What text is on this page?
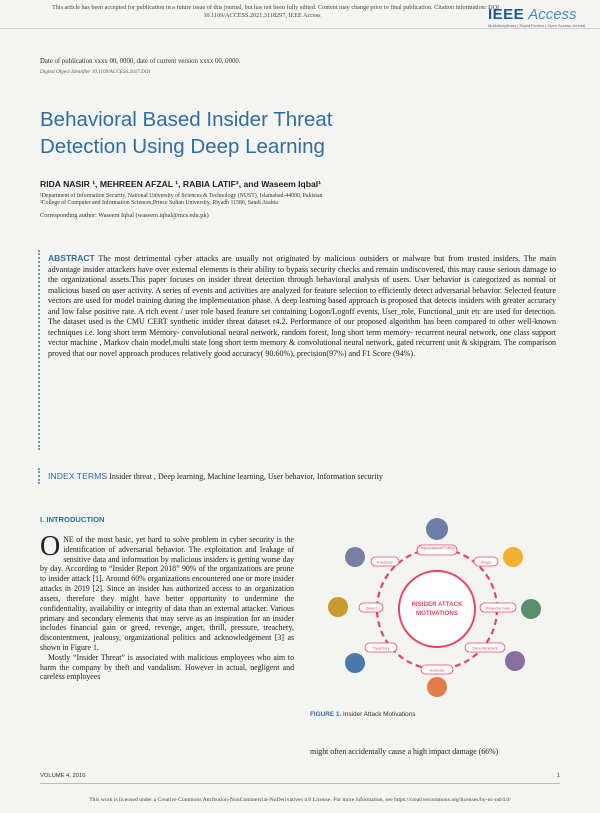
This article has been accepted for publication in a future issue of this journal, but has not been fully edited. Content may change prior to final publication. Citation information: DOI
10.1109/ACCESS.2021.3118297, IEEE Access	IEEE Access
Multidisciplinary | Rapid Review | Open Access Journal
Date of publication xxxx 00, 0000, date of current version xxxx 00, 0000.
Digital Object Identifier 10.1109/ACCESS.2017.DOI
Behavioral Based Insider Threat Detection Using Deep Learning
RIDA NASIR ¹, MEHREEN AFZAL ¹, RABIA LATIF², and Waseem Iqbal¹
¹Department of Information Security, National University of Sciences & Technology (NUST), Islamabad-44000, Pakistan
²College of Computer and Information Sciences,Prince Sultan University, Riyadh 11586, Saudi Arabia
Corresponding author: Waseem Iqbal (waseem.iqbal@mcs.edu.pk)
ABSTRACT The most detrimental cyber attacks are usually not originated by malicious outsiders or malware but from trusted insiders. The main advantage insider attackers have over external elements is their ability to bypass security checks and remain undiscovered, this may cause serious damage to the organizational assets.This paper focuses on insider threat detection through behavioral analysis of users. User behavior is categorized as normal or malicious based on user activity. A series of events and activities are analyzed for feature selection to efficiently detect adversarial behavior. Selected feature vectors are used for model training during the implementation phase. A deep learning based approach is proposed that detects insiders with greater accuracy and low false positive rate. A rich event / user role based feature set containing Logon/Logoff events, User_role, Functional_unit etc are used for detection. The dataset used is the CMU CERT synthetic insider threat dataset r4.2. Performance of our proposed algorithm has been compared to other well-known techniques i.e. long short term Memory- convolutional neural network, random forest, long short term memory- recurrent neural network, one class support vector machine , Markov chain model,multi state long short term memory & convolutional neural network, gated recurrent unit & skipgram. The comparison proved that our novel approach produces relatively good accuracy( 90.60%), precision(97%) and F1 Score (94%).
INDEX TERMS Insider threat , Deep learning, Machine learning, User behavior, Information security
I. INTRODUCTION
ONE of the most basic, yet hard to solve problem in cyber security is the identification of adversarial behavior. The exploitation and leakage of sensitive data and information by malicious insiders is getting worse day by day. According to “Insider Report 2018” 90% of the organizations are prone to insider attack [1]. Around 60% organizations encountered one or more insider attacks in 2019 [2]. Since an insider has authorized access to an organization assets, therefore they might have better opportunity to undermine the confidentiality, availability or integrity of data than an external attacker. Various primary and secondary elements that may serve as an inspiration for an insider includes financial gain or greed, revenge, anger, thrill, pressure, treachery, discontentment, jealousy, organizational politics and acknowledgement [3] as shown in Figure 1.
Mostly “Insider Threat” is associated with malicious employees who aim to harm the company by theft and vandalism. However in actual, negligent and careless employees
INSIDER ATTACK
MOTIVATIONS
Organizational Politics
Anger
Financial Gain
Discontentment
Jealousy
Treachery
Greed
Pressure
FIGURE 1. Insider Attack Motivations
might often accidentally cause a high impact damage (66%)
VOLUME 4, 2016	1
This work is licensed under a Creative Commons Attribution-NonCommercial-NoDerivatives 4.0 License. For more information, see https://creativecommons.org/licenses/by-nc-nd/4.0/
